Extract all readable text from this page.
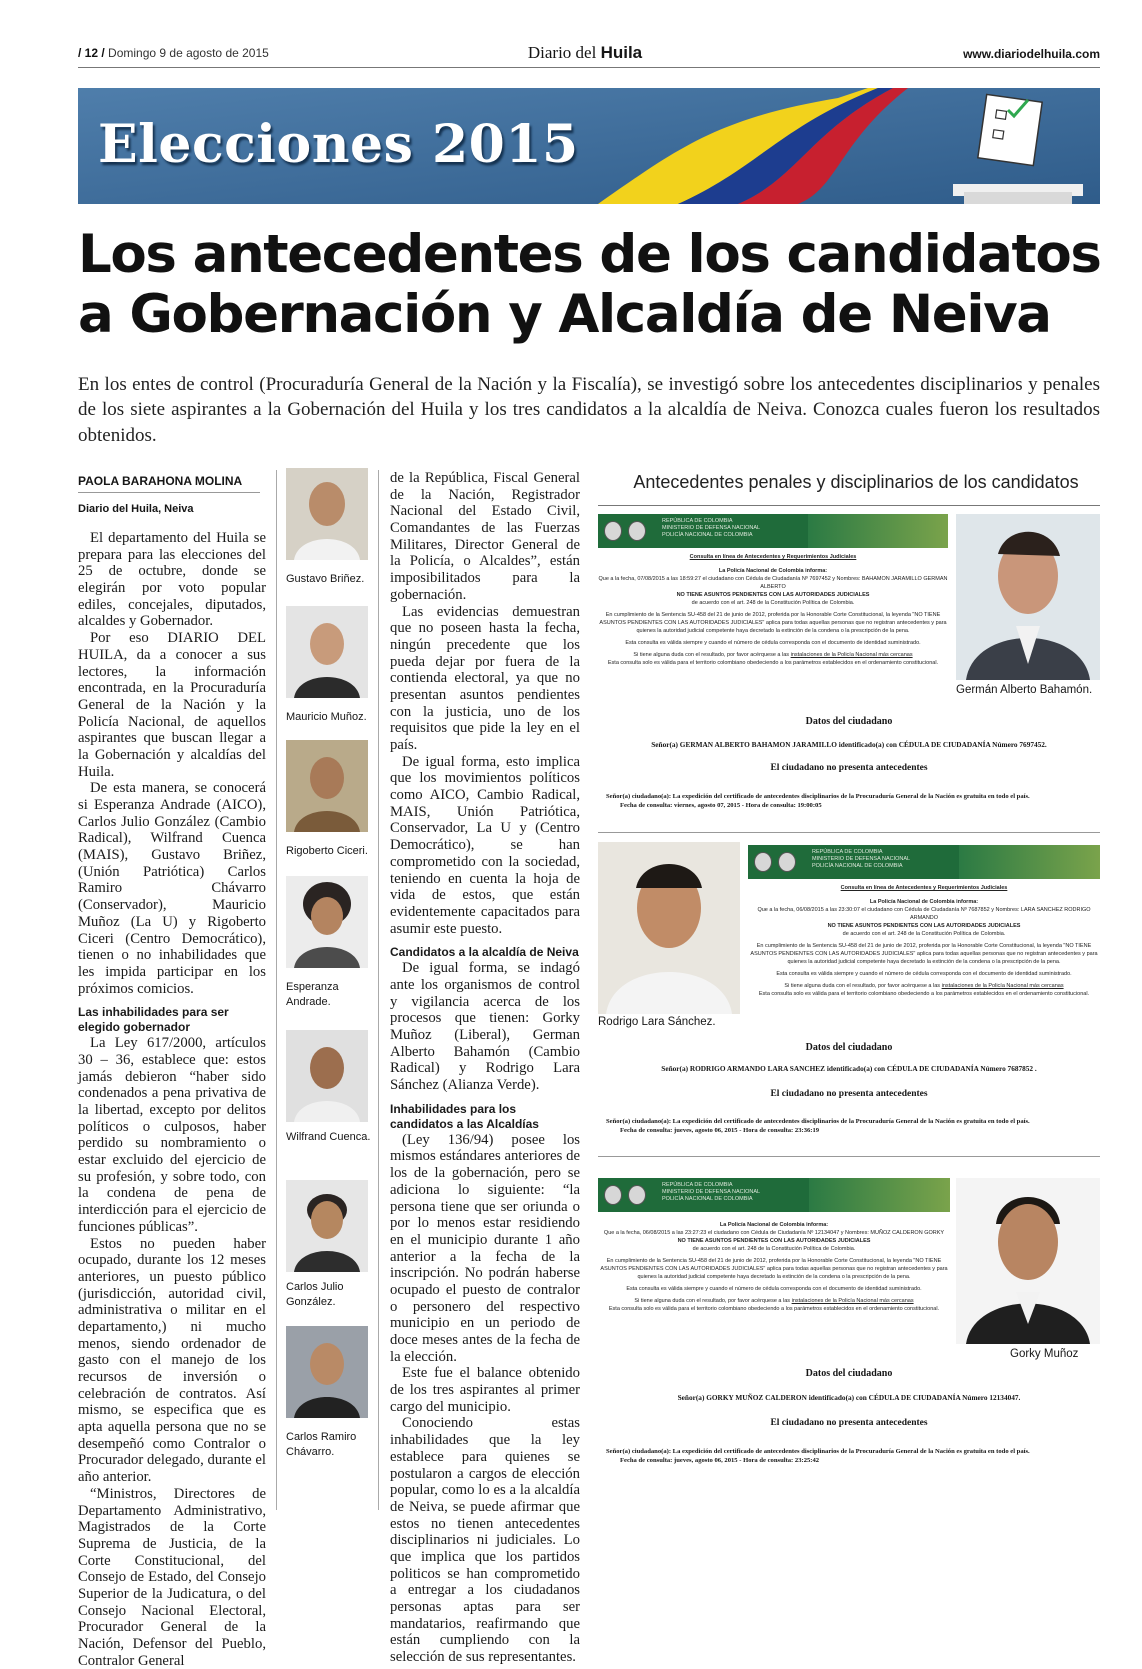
/ 12 / Domingo 9 de agosto de 2015	Diario del Huila	www.diariodelhuila.com
Elecciones 2015
Los antecedentes de los candidatos
a Gobernación y Alcaldía de Neiva
En los entes de control (Procuraduría General de la Nación y la Fiscalía), se investigó sobre los antecedentes disciplinarios y penales de los siete aspirantes a la Gobernación del Huila y los tres candidatos a la alcaldía de Neiva. Conozca cuales fueron los resultados obtenidos.
PAOLA BARAHONA MOLINA
Diario del Huila, Neiva

El departamento del Huila se prepara para las elecciones del 25 de octubre, donde se elegirán por voto popular ediles, concejales, diputados, alcaldes y Gobernador.

Por eso DIARIO DEL HUILA, da a conocer a sus lectores, la información encontrada, en la Procuraduría General de la Nación y la Policía Nacional, de aquellos aspirantes que buscan llegar a la Gobernación y alcaldías del Huila.

De esta manera, se conocerá si Esperanza Andrade (AICO), Carlos Julio González (Cambio Radical), Wilfrand Cuenca (MAIS), Gustavo Briñez, (Unión Patriótica) Carlos Ramiro Chávarro (Conservador), Mauricio Muñoz (La U) y Rigoberto Ciceri (Centro Democrático), tienen o no inhabilidades que les impida participar en los próximos comicios.

Las inhabilidades para ser elegido gobernador

La Ley 617/2000, artículos 30 – 36, establece que: estos jamás debieron “haber sido condenados a pena privativa de la libertad, excepto por delitos políticos o culposos, haber perdido su nombramiento o estar excluido del ejercicio de su profesión, y sobre todo, con la condena de pena de interdicción para el ejercicio de funciones públicas”.

Estos no pueden haber ocupado, durante los 12 meses anteriores, un puesto público (jurisdicción, autoridad civil, administrativa o militar en el departamento,) ni mucho menos, siendo ordenador de gasto con el manejo de los recursos de inversión o celebración de contratos. Así mismo, se especifica que es apta aquella persona que no se desempeñó como Contralor o Procurador delegado, durante el año anterior.

“Ministros, Directores de Departamento Administrativo, Magistrados de la Corte Suprema de Justicia, de la Corte Constitucional, del Consejo de Estado, del Consejo Superior de la Judicatura, o del Consejo Nacional Electoral, Procurador General de la Nación, Defensor del Pueblo, Contralor General

Gustavo Briñez.
Mauricio Muñoz.
Rigoberto Ciceri.
Esperanza Andrade.
Wilfrand Cuenca.
Carlos Julio González.
Carlos Ramiro Chávarro.

de la República, Fiscal General de la Nación, Registrador Nacional del Estado Civil, Comandantes de las Fuerzas Militares, Director General de la Policía, o Alcaldes”, están imposibilitados para la gobernación.

Las evidencias demuestran que no poseen hasta la fecha, ningún precedente que los pueda dejar por fuera de la contienda electoral, ya que no presentan asuntos pendientes con la justicia, uno de los requisitos que pide la ley en el país.

De igual forma, esto implica que los movimientos políticos como AICO, Cambio Radical, MAIS, Unión Patriótica, Conservador, La U y (Centro Democrático), se han comprometido con la sociedad, teniendo en cuenta la hoja de vida de estos, que están evidentemente capacitados para asumir este puesto.

Candidatos a la alcaldía de Neiva

De igual forma, se indagó ante los organismos de control y vigilancia acerca de los procesos que tienen: Gorky Muñoz (Liberal), German Alberto Bahamón (Cambio Radical) y Rodrigo Lara Sánchez (Alianza Verde).

Inhabilidades para los candidatos a las Alcaldías

(Ley 136/94) posee los mismos estándares anteriores de los de la gobernación, pero se adiciona lo siguiente: “la persona tiene que ser oriunda o por lo menos estar residiendo en el municipio durante 1 año anterior a la fecha de la inscripción. No podrán haberse ocupado el puesto de contralor o personero del respectivo municipio en un periodo de doce meses antes de la fecha de la elección.

Este fue el balance obtenido de los tres aspirantes al primer cargo del municipio.

Conociendo estas inhabilidades que la ley establece para quienes se postularon a cargos de elección popular, como lo es a la alcaldía de Neiva, se puede afirmar que estos no tienen antecedentes disciplinarios ni judiciales. Lo que implica que los partidos politicos se han comprometido a entregar a los ciudadanos personas aptas para ser mandatarios, reafirmando que están cumpliendo con la selección de sus representantes.

Antecedentes penales y disciplinarios de los candidatos
REPÚBLICA DE COLOMBIA
MINISTERIO DE DEFENSA NACIONAL
POLICÍA NACIONAL DE COLOMBIA
Consulta en línea de Antecedentes y Requerimientos Judiciales
La Policía Nacional de Colombia informa:
Que a la fecha, 07/08/2015 a las 18:59:27 el ciudadano con Cédula de Ciudadanía Nº 7697452 y Nombres: BAHAMON JARAMILLO GERMAN ALBERTO
NO TIENE ASUNTOS PENDIENTES CON LAS AUTORIDADES JUDICIALES
de acuerdo con el art. 248 de la Constitución Política de Colombia.
En cumplimiento de la Sentencia SU-458 del 21 de junio de 2012, proferida por la Honorable Corte Constitucional, la leyenda "NO TIENE ASUNTOS PENDIENTES CON LAS AUTORIDADES JUDICIALES" aplica para todas aquellas personas que no registran antecedentes y para quienes la autoridad judicial competente haya decretado la extinción de la condena o la prescripción de la pena.
Esta consulta es válida siempre y cuando el número de cédula corresponda con el documento de identidad suministrado.
Si tiene alguna duda con el resultado, por favor acérquese a las instalaciones de la Policía Nacional más cercanas
Esta consulta solo es válida para el territorio colombiano obedeciendo a los parámetros establecidos en el ordenamiento constitucional.
Germán Alberto Bahamón.
Datos del ciudadano
Señor(a) GERMAN ALBERTO BAHAMON JARAMILLO identificado(a) con CÉDULA DE CIUDADANÍA Número 7697452.
El ciudadano no presenta antecedentes
Señor(a) ciudadano(a): La expedición del certificado de antecedentes disciplinarios de la Procuraduría General de la Nación es gratuita en todo el país.
Fecha de consulta: viernes, agosto 07, 2015 - Hora de consulta: 19:00:05
Rodrigo Lara Sánchez.
REPÚBLICA DE COLOMBIA
MINISTERIO DE DEFENSA NACIONAL
POLICÍA NACIONAL DE COLOMBIA
Consulta en línea de Antecedentes y Requerimientos Judiciales
La Policía Nacional de Colombia informa:
Que a la fecha, 06/08/2015 a las 23:30:07 el ciudadano con Cédula de Ciudadanía Nº 7687852 y Nombres: LARA SANCHEZ RODRIGO ARMANDO
NO TIENE ASUNTOS PENDIENTES CON LAS AUTORIDADES JUDICIALES
de acuerdo con el art. 248 de la Constitución Política de Colombia.
En cumplimiento de la Sentencia SU-458 del 21 de junio de 2012, proferida por la Honorable Corte Constitucional, la leyenda "NO TIENE ASUNTOS PENDIENTES CON LAS AUTORIDADES JUDICIALES" aplica para todas aquellas personas que no registran antecedentes y para quienes la autoridad judicial competente haya decretado la extinción de la condena o la prescripción de la pena.
Esta consulta es válida siempre y cuando el número de cédula corresponda con el documento de identidad suministrado.
Si tiene alguna duda con el resultado, por favor acérquese a las instalaciones de la Policía Nacional más cercanas
Esta consulta solo es válida para el territorio colombiano obedeciendo a los parámetros establecidos en el ordenamiento constitucional.
Datos del ciudadano
Señor(a) RODRIGO ARMANDO LARA SANCHEZ identificado(a) con CÉDULA DE CIUDADANÍA Número 7687852 .
El ciudadano no presenta antecedentes
Señor(a) ciudadano(a): La expedición del certificado de antecedentes disciplinarios de la Procuraduría General de la Nación es gratuita en todo el país.
Fecha de consulta: jueves, agosto 06, 2015 - Hora de consulta: 23:36:19
REPÚBLICA DE COLOMBIA
MINISTERIO DE DEFENSA NACIONAL
POLICÍA NACIONAL DE COLOMBIA
La Policía Nacional de Colombia informa:
Que a la fecha, 06/08/2015 a las 23:27:23 el ciudadano con Cédula de Ciudadanía Nº 12134047 y Nombres: MUÑOZ CALDERON GORKY
NO TIENE ASUNTOS PENDIENTES CON LAS AUTORIDADES JUDICIALES
de acuerdo con el art. 248 de la Constitución Política de Colombia.
En cumplimiento de la Sentencia SU-458 del 21 de junio de 2012, proferida por la Honorable Corte Constitucional, la leyenda "NO TIENE ASUNTOS PENDIENTES CON LAS AUTORIDADES JUDICIALES" aplica para todas aquellas personas que no registran antecedentes y para quienes la autoridad judicial competente haya decretado la extinción de la condena o la prescripción de la pena.
Esta consulta es válida siempre y cuando el número de cédula corresponda con el documento de identidad suministrado.
Si tiene alguna duda con el resultado, por favor acérquese a las instalaciones de la Policía Nacional más cercanas
Esta consulta solo es válida para el territorio colombiano obedeciendo a los parámetros establecidos en el ordenamiento constitucional.
Gorky Muñoz
Datos del ciudadano
Señor(a) GORKY MUÑOZ CALDERON identificado(a) con CÉDULA DE CIUDADANÍA Número 12134047.
El ciudadano no presenta antecedentes
Señor(a) ciudadano(a): La expedición del certificado de antecedentes disciplinarios de la Procuraduría General de la Nación es gratuita en todo el país.
Fecha de consulta: jueves, agosto 06, 2015 - Hora de consulta: 23:25:42
